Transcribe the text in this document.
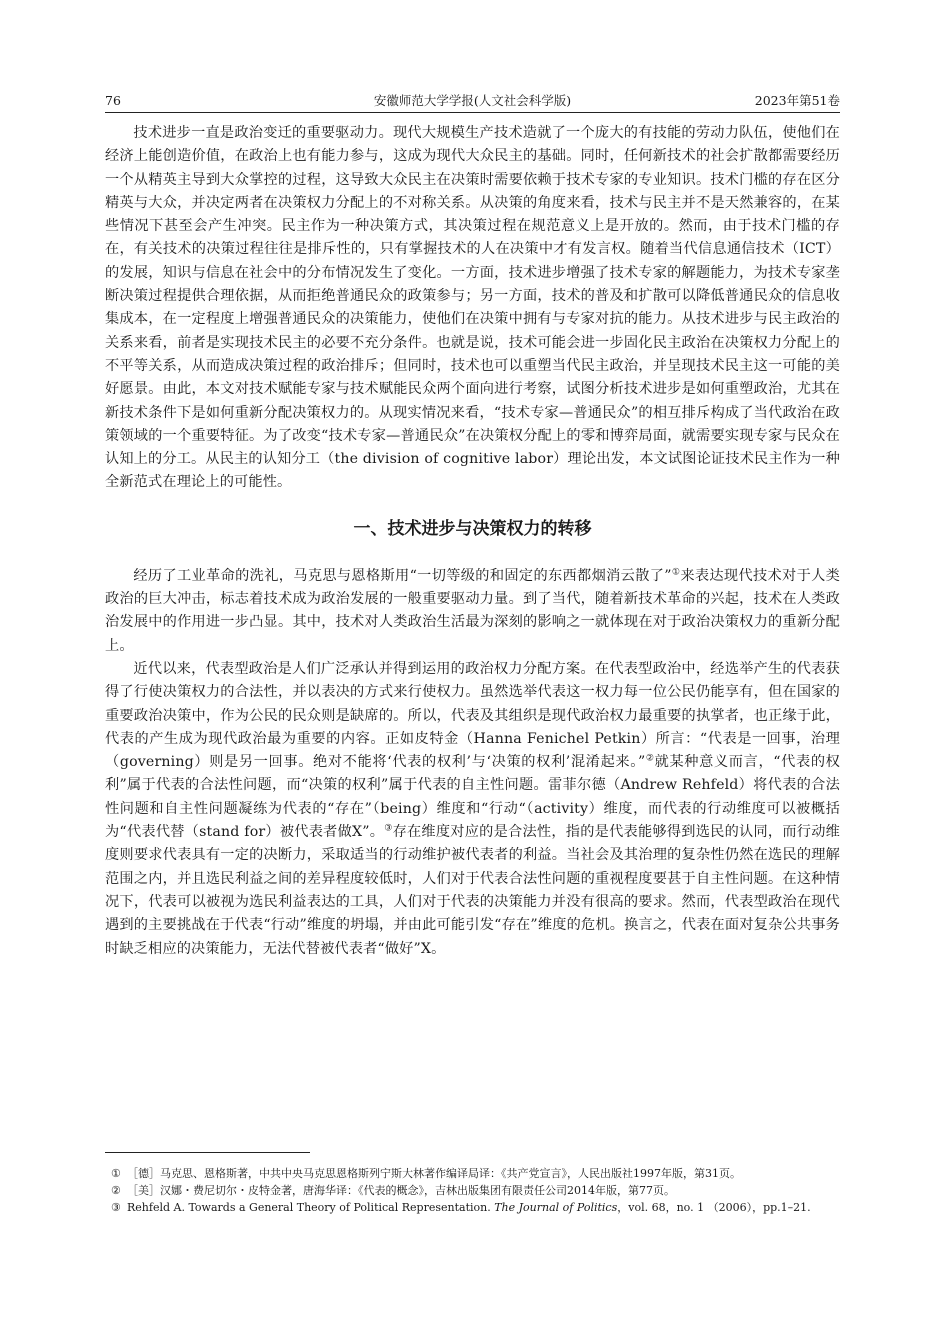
76	安徽师范大学学报(人文社会科学版)	2023年第51卷

技术进步一直是政治变迁的重要驱动力。现代大规模生产技术造就了一个庞大的有技能的劳动力队伍，使他们在经济上能创造价值，在政治上也有能力参与，这成为现代大众民主的基础。同时，任何新技术的社会扩散都需要经历一个从精英主导到大众掌控的过程，这导致大众民主在决策时需要依赖于技术专家的专业知识。技术门槛的存在区分精英与大众，并决定两者在决策权力分配上的不对称关系。从决策的角度来看，技术与民主并不是天然兼容的，在某些情况下甚至会产生冲突。民主作为一种决策方式，其决策过程在规范意义上是开放的。然而，由于技术门槛的存在，有关技术的决策过程往往是排斥性的，只有掌握技术的人在决策中才有发言权。随着当代信息通信技术（ICT）的发展，知识与信息在社会中的分布情况发生了变化。一方面，技术进步增强了技术专家的解题能力，为技术专家垄断决策过程提供合理依据，从而拒绝普通民众的政策参与；另一方面，技术的普及和扩散可以降低普通民众的信息收集成本，在一定程度上增强普通民众的决策能力，使他们在决策中拥有与专家对抗的能力。从技术进步与民主政治的关系来看，前者是实现技术民主的必要不充分条件。也就是说，技术可能会进一步固化民主政治在决策权力分配上的不平等关系，从而造成决策过程的政治排斥；但同时，技术也可以重塑当代民主政治，并呈现技术民主这一可能的美好愿景。由此，本文对技术赋能专家与技术赋能民众两个面向进行考察，试图分析技术进步是如何重塑政治，尤其在新技术条件下是如何重新分配决策权力的。从现实情况来看，“技术专家—普通民众”的相互排斥构成了当代政治在政策领域的一个重要特征。为了改变“技术专家—普通民众”在决策权分配上的零和博弈局面，就需要实现专家与民众在认知上的分工。从民主的认知分工（the division of cognitive labor）理论出发，本文试图论证技术民主作为一种全新范式在理论上的可能性。

一、技术进步与决策权力的转移

经历了工业革命的洗礼，马克思与恩格斯用“一切等级的和固定的东西都烟消云散了”①来表达现代技术对于人类政治的巨大冲击，标志着技术成为政治发展的一般重要驱动力量。到了当代，随着新技术革命的兴起，技术在人类政治发展中的作用进一步凸显。其中，技术对人类政治生活最为深刻的影响之一就体现在对于政治决策权力的重新分配上。

近代以来，代表型政治是人们广泛承认并得到运用的政治权力分配方案。在代表型政治中，经选举产生的代表获得了行使决策权力的合法性，并以表决的方式来行使权力。虽然选举代表这一权力每一位公民仍能享有，但在国家的重要政治决策中，作为公民的民众则是缺席的。所以，代表及其组织是现代政治权力最重要的执掌者，也正缘于此，代表的产生成为现代政治最为重要的内容。正如皮特金（Hanna Fenichel Petkin）所言：“代表是一回事，治理（governing）则是另一回事。绝对不能将‘代表的权利’与‘决策的权利’混淆起来。”②就某种意义而言，“代表的权利”属于代表的合法性问题，而“决策的权利”属于代表的自主性问题。雷菲尔德（Andrew Rehfeld）将代表的合法性问题和自主性问题凝练为代表的“存在”（being）维度和“行动“（activity）维度，而代表的行动维度可以被概括为“代表代替（stand for）被代表者做X”。③存在维度对应的是合法性，指的是代表能够得到选民的认同，而行动维度则要求代表具有一定的决断力，采取适当的行动维护被代表者的利益。当社会及其治理的复杂性仍然在选民的理解范围之内，并且选民利益之间的差异程度较低时，人们对于代表合法性问题的重视程度要甚于自主性问题。在这种情况下，代表可以被视为选民利益表达的工具，人们对于代表的决策能力并没有很高的要求。然而，代表型政治在现代遇到的主要挑战在于代表“行动”维度的坍塌，并由此可能引发“存在”维度的危机。换言之，代表在面对复杂公共事务时缺乏相应的决策能力，无法代替被代表者“做好”X。

① ［德］马克思、恩格斯著，中共中央马克思恩格斯列宁斯大林著作编译局译：《共产党宣言》，人民出版社1997年版，第31页。

② ［美］汉娜・费尼切尔・皮特金著，唐海华译：《代表的概念》，吉林出版集团有限责任公司2014年版，第77页。

③ Rehfeld A. Towards a General Theory of Political Representation. The Journal of Politics，vol. 68，no. 1 （2006），pp.1–21.
